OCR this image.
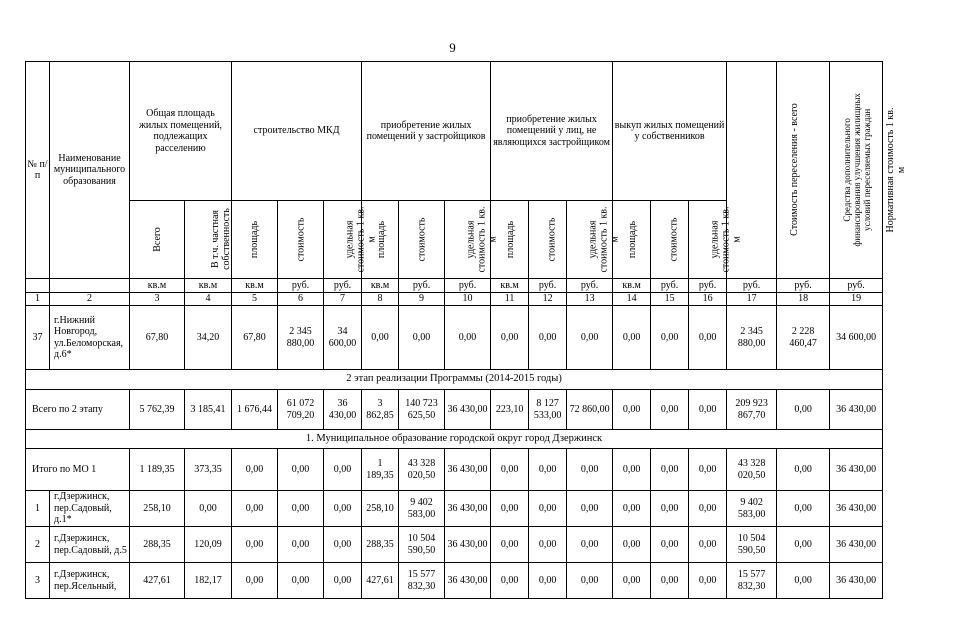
9
№ п/п	Наименование муниципального образования	Общая площадь жилых помещений, подлежащих расселению		строительство МКД			приобретение жилых помещений у застройщиков			приобретение жилых помещений у лиц, не являющихся застройщиком			выкуп жилых помещений у собственников			Стоимость переселения - всего	Средства дополнительного финансирования улучшения жилищных условий переселяемых граждан	Нормативная стоимость 1 кв. м
		Всего	В т.ч. частная собственность	площадь	стоимость	удельная стоимость 1 кв. м	площадь	стоимость	удельная стоимость 1 кв. м	площадь	стоимость	удельная стоимость 1 кв. м	площадь	стоимость	удельная стоимость 1 кв. м			
		кв.м	кв.м	кв.м	руб.	руб.	кв.м	руб.	руб.	кв.м	руб.	руб.	кв.м	руб.	руб.	руб.	руб.	руб.
1	2	3	4	5	6	7	8	9	10	11	12	13	14	15	16	17	18	19
37	г.Нижний Новгород, ул.Беломорская, д.6*	67,80	34,20	67,80	2 345 880,00	34 600,00	0,00	0,00	0,00	0,00	0,00	0,00	0,00	0,00	0,00	2 345 880,00	2 228 460,47	34 600,00
2 этап реализации Программы (2014-2015 годы)																		
Всего по 2 этапу		5 762,39	3 185,41	1 676,44	61 072 709,20	36 430,00	3 862,85	140 723 625,50	36 430,00	223,10	8 127 533,00	72 860,00	0,00	0,00	0,00	209 923 867,70	0,00	36 430,00
1. Муниципальное образование городской округ город Дзержинск																		
Итого по МО 1		1 189,35	373,35	0,00	0,00	0,00	1 189,35	43 328 020,50	36 430,00	0,00	0,00	0,00	0,00	0,00	0,00	43 328 020,50	0,00	36 430,00
1	г.Дзержинск, пер.Садовый, д.1*	258,10	0,00	0,00	0,00	0,00	258,10	9 402 583,00	36 430,00	0,00	0,00	0,00	0,00	0,00	0,00	9 402 583,00	0,00	36 430,00
2	г.Дзержинск, пер.Садовый, д.5	288,35	120,09	0,00	0,00	0,00	288,35	10 504 590,50	36 430,00	0,00	0,00	0,00	0,00	0,00	0,00	10 504 590,50	0,00	36 430,00
3	г.Дзержинск, пер.Ясельный,	427,61	182,17	0,00	0,00	0,00	427,61	15 577 832,30	36 430,00	0,00	0,00	0,00	0,00	0,00	0,00	15 577 832,30	0,00	36 430,00
